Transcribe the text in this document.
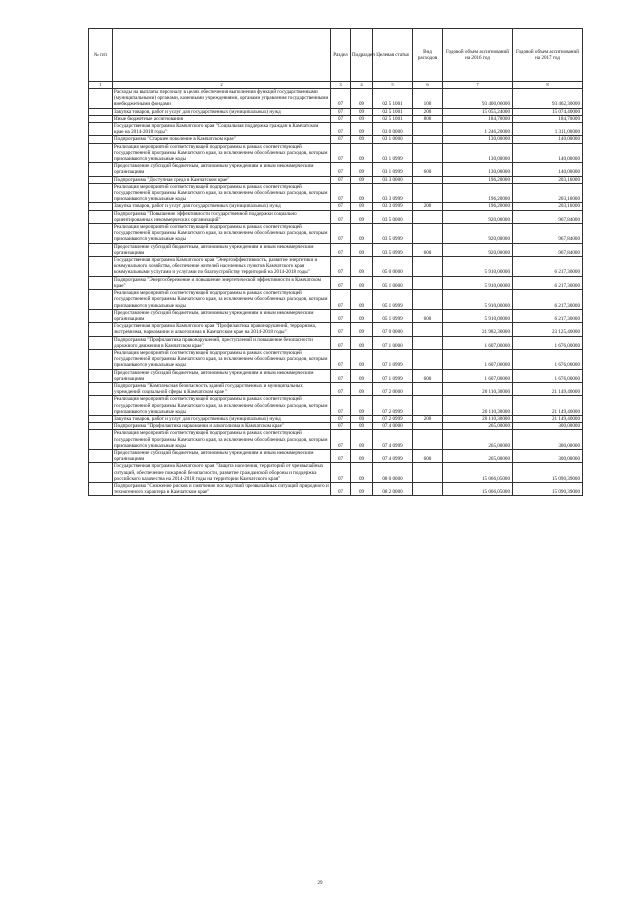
№ п/п		Раздел	Подраздел	Целевая статья	Вид расходов	Годовой объем ассигнований на 2016 год	Годовой объем ассигнований на 2017 год
1	2	3	4	5	6	7	8
	Расходы на выплаты персоналу в целях обеспечения выполнения функций государственными (муниципальными) органами, казенными учреждениями, органами управления государственными внебюджетными фондами	07	09	02 5 1001	100	93 400,06000	93 462,30000
	Закупка товаров, работ и услуг для государственных (муниципальных) нужд	07	09	02 5 1001	200	15 055,24000	15 074,40000
	Иные бюджетные ассигнования	07	09	02 5 1001	800	184,70000	184,70000
	Государственная программа Камчатского края "Социальная поддержка граждан в Камчатском крае на 2014-2018 годы"	07	09	03 0 0000		1 246,20000	1 311,00000
	Подпрограмма "Старшее поколение в Камчатском крае"	07	09	03 1 0000		130,00000	140,00000
	Реализация мероприятий соответствующей подпрограммы в рамках соответствующей государственной программы Камчатского края, за исключением обособленных расходов, которым присваиваются уникальные коды	07	09	03 1 0999		130,00000	140,00000
	Предоставление субсидий бюджетным, автономным учреждениям и иным некоммерческим организациям	07	09	03 1 0999	600	130,00000	140,00000
	Подпрограмма "Доступная среда в Камчатском крае"	07	09	03 3 0000		196,20000	203,16000
	Реализация мероприятий соответствующей подпрограммы в рамках соответствующей государственной программы Камчатского края, за исключением обособленных расходов, которым присваиваются уникальные коды	07	09	03 3 0999		196,20000	203,16000
	Закупка товаров, работ и услуг для государственных (муниципальных) нужд	07	09	03 3 0999	200	196,20000	203,16000
	Подпрограмма "Повышение эффективности государственной поддержки социально ориентированных некоммерческих организаций"	07	09	03 5 0000		920,00000	967,84000
	Реализация мероприятий соответствующей подпрограммы в рамках соответствующей государственной программы Камчатского края, за исключением обособленных расходов, которым присваиваются уникальные коды	07	09	03 5 0999		920,00000	967,84000
	Предоставление субсидий бюджетным, автономным учреждениям и иным некоммерческим организациям	07	09	03 5 0999	600	920,00000	967,84000
	Государственная программа Камчатского края "Энергоэффективность, развитие энергетики и коммунального хозяйства, обеспечение жителей населенных пунктов Камчатского края коммунальными услугами и услугами по благоустройству территорий на 2014-2018 годы"	07	09	05 0 0000		5 910,00000	6 217,30000
	Подпрограмма "Энергосбережение и повышение энергетической эффективности в Камчатском крае"	07	09	05 1 0000		5 910,00000	6 217,30000
	Реализация мероприятий соответствующей подпрограммы в рамках соответствующей государственной программы Камчатского края, за исключением обособленных расходов, которым присваиваются уникальные коды	07	09	05 1 0999		5 910,00000	6 217,30000
	Предоставление субсидий бюджетным, автономным учреждениям и иным некоммерческим организациям	07	09	05 1 0999	600	5 910,00000	6 217,30000
	Государственная программа Камчатского края "Профилактика правонарушений, терроризма, экстремизма, наркомании и алкоголизма в Камчатском крае на 2014-2018 годы"	07	09	07 0 0000		21 982,30000	23 125,40000
	Подпрограмма "Профилактика правонарушений, преступлений и повышение безопасности дорожного движения в Камчатском крае"	07	09	07 1 0000		1 607,00000	1 676,00000
	Реализация мероприятий соответствующей подпрограммы в рамках соответствующей государственной программы Камчатского края, за исключением обособленных расходов, которым присваиваются уникальные коды	07	09	07 1 0999		1 607,00000	1 676,00000
	Предоставление субсидий бюджетным, автономным учреждениям и иным некоммерческим организациям	07	09	07 1 0999	600	1 607,00000	1 676,00000
	Подпрограмма "Комплексная безопасность зданий государственных и муниципальных учреждений социальной сферы в Камчатском крае "	07	09	07 2 0000		20 110,30000	21 149,40000
	Реализация мероприятий соответствующей подпрограммы в рамках соответствующей государственной программы Камчатского края, за исключением обособленных расходов, которым присваиваются уникальные коды	07	09	07 2 0999		20 110,30000	21 149,40000
	Закупка товаров, работ и услуг для государственных (муниципальных) нужд	07	09	07 2 0999	200	20 110,30000	21 149,40000
	Подпрограмма "Профилактика наркомании и алкоголизма в Камчатском крае"	07	09	07 4 0000		265,00000	300,00000
	Реализация мероприятий соответствующей подпрограммы в рамках соответствующей государственной программы Камчатского края, за исключением обособленных расходов, которым присваиваются уникальные коды	07	09	07 4 0999		265,00000	300,00000
	Предоставление субсидий бюджетным, автономным учреждениям и иным некоммерческим организациям	07	09	07 4 0999	600	265,00000	300,00000
	Государственная программа Камчатского края "Защита населения, территорий от чрезвычайных ситуаций, обеспечение пожарной безопасности, развитие гражданской обороны и поддержка российского казачества на 2014-2018 годы на территории Камчатского края"	07	09	08 0 0000		15 066,05000	15 090,39000
	Подпрограмма "Снижение рисков и смягчение последствий чрезвычайных ситуаций природного и техногенного характера в Камчатском крае"	07	09	08 2 0000		15 066,05000	15 090,39000
29
